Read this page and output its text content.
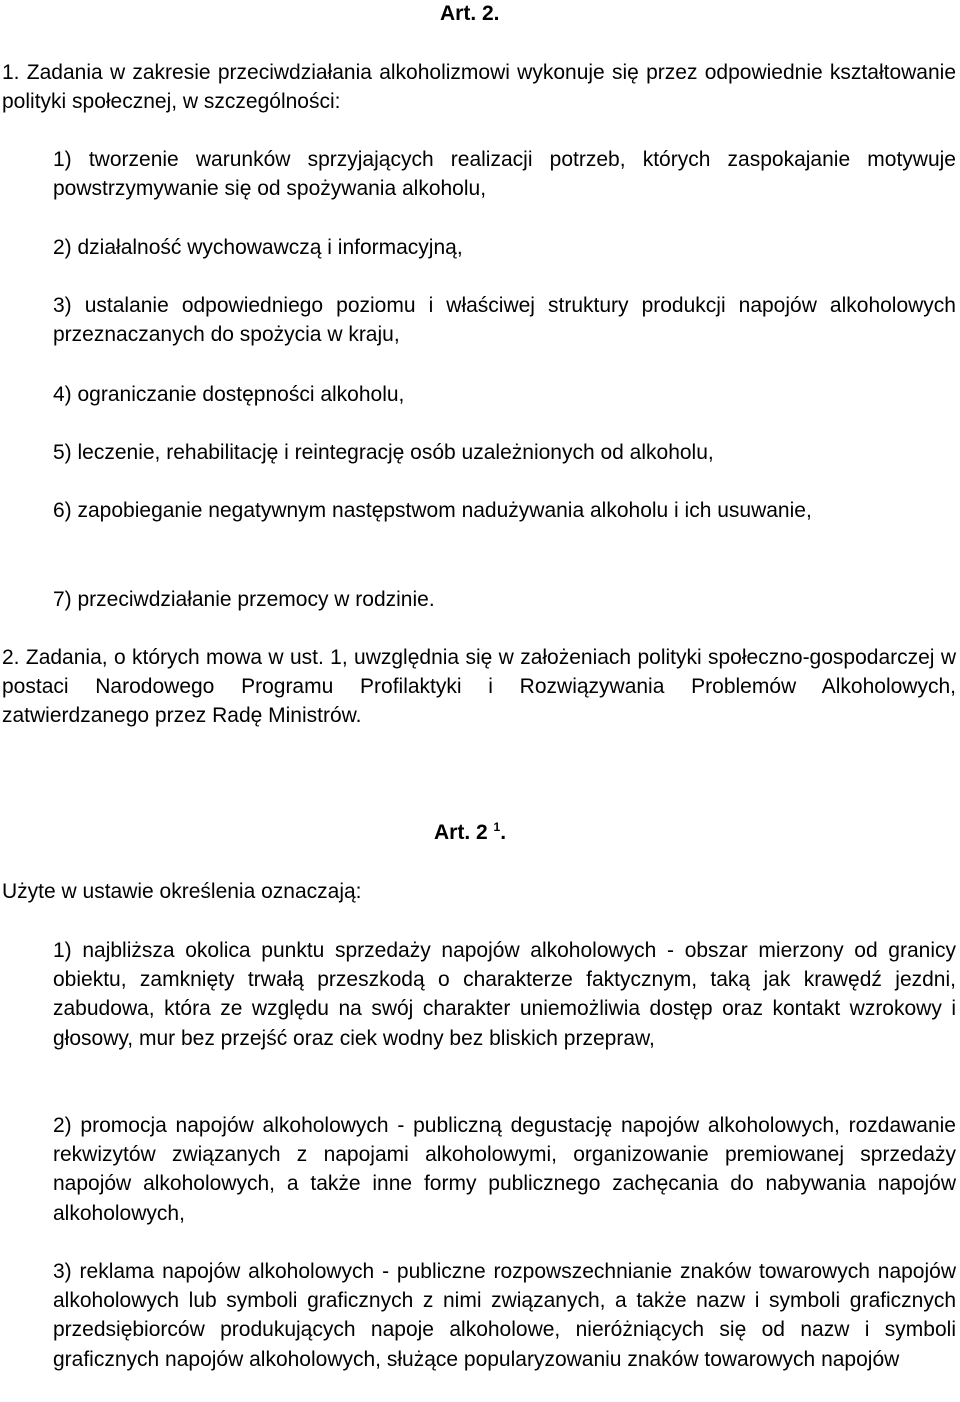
Art. 2.

1. Zadania w zakresie przeciwdziałania alkoholizmowi wykonuje się przez odpowiednie kształtowanie polityki społecznej, w szczególności:

1) tworzenie warunków sprzyjających realizacji potrzeb, których zaspokajanie motywuje powstrzymywanie się od spożywania alkoholu,

2) działalność wychowawczą i informacyjną,

3) ustalanie odpowiedniego poziomu i właściwej struktury produkcji napojów alkoholowych przeznaczanych do spożycia w kraju,

4) ograniczanie dostępności alkoholu,

5) leczenie, rehabilitację i reintegrację osób uzależnionych od alkoholu,

6) zapobieganie negatywnym następstwom nadużywania alkoholu i ich usuwanie,

7) przeciwdziałanie przemocy w rodzinie.

2. Zadania, o których mowa w ust. 1, uwzględnia się w założeniach polityki społeczno-gospodarczej w postaci Narodowego Programu Profilaktyki i Rozwiązywania Problemów Alkoholowych, zatwierdzanego przez Radę Ministrów.

Art. 2 $^1$.

Użyte w ustawie określenia oznaczają:

1) najbliższa okolica punktu sprzedaży napojów alkoholowych - obszar mierzony od granicy obiektu, zamknięty trwałą przeszkodą o charakterze faktycznym, taką jak krawędź jezdni, zabudowa, która ze względu na swój charakter uniemożliwia dostęp oraz kontakt wzrokowy i głosowy, mur bez przejść oraz ciek wodny bez bliskich przepraw,

2) promocja napojów alkoholowych - publiczną degustację napojów alkoholowych, rozdawanie rekwizytów związanych z napojami alkoholowymi, organizowanie premiowanej sprzedaży napojów alkoholowych, a także inne formy publicznego zachęcania do nabywania napojów alkoholowych,

3) reklama napojów alkoholowych - publiczne rozpowszechnianie znaków towarowych napojów alkoholowych lub symboli graficznych z nimi związanych, a także nazw i symboli graficznych przedsiębiorców produkujących napoje alkoholowe, nieróżniących się od nazw i symboli graficznych napojów alkoholowych, służące popularyzowaniu znaków towarowych napojów
